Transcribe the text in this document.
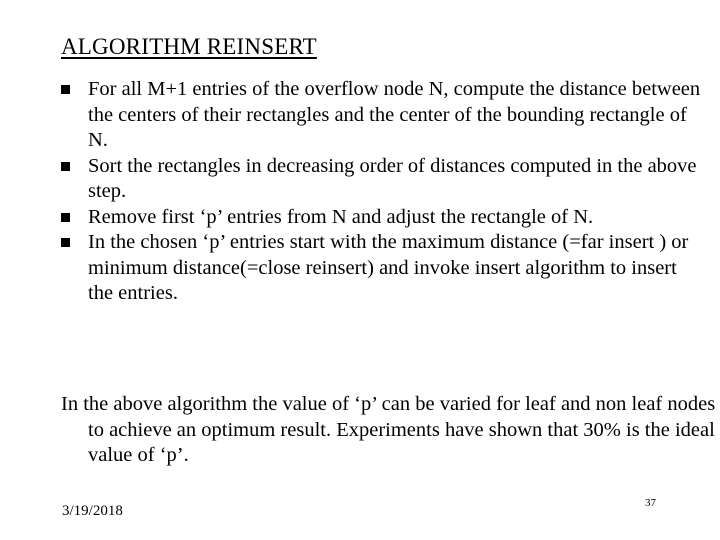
ALGORITHM REINSERT
For all M+1 entries of the overflow node N, compute the distance between the centers of their rectangles and the center of the bounding rectangle of N.
Sort the rectangles in decreasing order of distances computed in the above step.
Remove first ‘p’ entries from N and adjust the rectangle of N.
In the chosen ‘p’ entries start with the maximum distance (=far insert ) or minimum distance(=close reinsert) and invoke insert algorithm to insert the entries.
In the above algorithm the value of ‘p’ can be varied for leaf and non leaf nodes to achieve an optimum result. Experiments have shown that 30% is the ideal value of ‘p’.
3/19/2018	37
